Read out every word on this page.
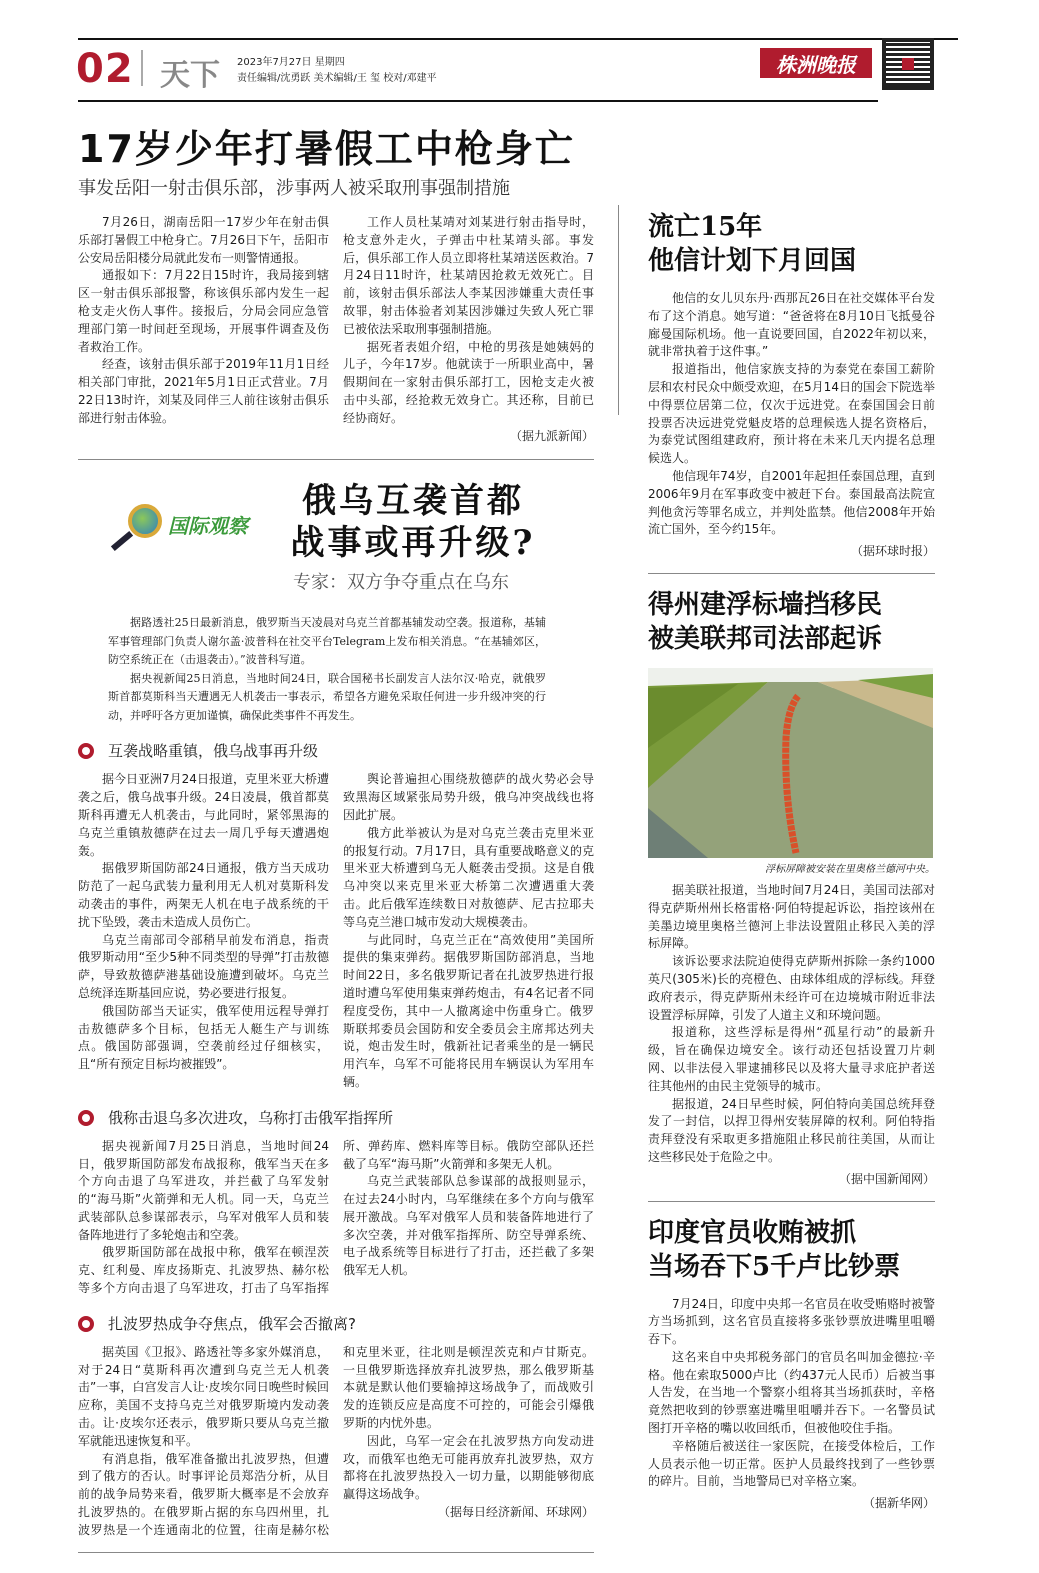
02 天下 2023年7月27日 星期四
责任编辑/沈勇跃 美术编辑/王 玺 校对/邓建平
株洲晚报
17岁少年打暑假工中枪身亡
事发岳阳一射击俱乐部，涉事两人被采取刑事强制措施

7月26日，湖南岳阳一17岁少年在射击俱乐部打暑假工中枪身亡。7月26日下午，岳阳市公安局岳阳楼分局就此发布一则警情通报。

通报如下：7月22日15时许，我局接到辖区一射击俱乐部报警，称该俱乐部内发生一起枪支走火伤人事件。接报后，分局会同应急管理部门第一时间赶至现场，开展事件调查及伤者救治工作。

经查，该射击俱乐部于2019年11月1日经相关部门审批，2021年5月1日正式营业。7月22日13时许，刘某及同伴三人前往该射击俱乐部进行射击体验。

工作人员杜某靖对刘某进行射击指导时，枪支意外走火，子弹击中杜某靖头部。事发后，俱乐部工作人员立即将杜某靖送医救治。7月24日11时许，杜某靖因抢救无效死亡。目前，该射击俱乐部法人李某因涉嫌重大责任事故罪，射击体验者刘某因涉嫌过失致人死亡罪已被依法采取刑事强制措施。

据死者表姐介绍，中枪的男孩是她姨妈的儿子，今年17岁。他就读于一所职业高中，暑假期间在一家射击俱乐部打工，因枪支走火被击中头部，经抢救无效身亡。其还称，目前已经协商好。

（据九派新闻）
国际观察
俄乌互袭首都
战事或再升级?
专家：双方争夺重点在乌东

据路透社25日最新消息，俄罗斯当天凌晨对乌克兰首都基辅发动空袭。报道称，基辅军事管理部门负责人谢尔盖·波普科在社交平台Telegram上发布相关消息。“在基辅郊区，防空系统正在（击退袭击）。”波普科写道。

据央视新闻25日消息，当地时间24日，联合国秘书长副发言人法尔汉·哈克，就俄罗斯首都莫斯科当天遭遇无人机袭击一事表示，希望各方避免采取任何进一步升级冲突的行动，并呼吁各方更加谨慎，确保此类事件不再发生。

互袭战略重镇，俄乌战事再升级

据今日亚洲7月24日报道，克里米亚大桥遭袭之后，俄乌战事升级。24日凌晨，俄首都莫斯科再遭无人机袭击，与此同时，紧邻黑海的乌克兰重镇敖德萨在过去一周几乎每天遭遇炮轰。

据俄罗斯国防部24日通报，俄方当天成功防范了一起乌武装力量利用无人机对莫斯科发动袭击的事件，两架无人机在电子战系统的干扰下坠毁，袭击未造成人员伤亡。

乌克兰南部司令部稍早前发布消息，指责俄罗斯动用“至少5种不同类型的导弹”打击敖德萨，导致敖德萨港基础设施遭到破坏。乌克兰总统泽连斯基回应说，势必要进行报复。

俄国防部当天证实，俄军使用远程导弹打击敖德萨多个目标，包括无人艇生产与训练点。俄国防部强调，空袭前经过仔细核实，且“所有预定目标均被摧毁”。

舆论普遍担心围绕敖德萨的战火势必会导致黑海区域紧张局势升级，俄乌冲突战线也将因此扩展。

俄方此举被认为是对乌克兰袭击克里米亚的报复行动。7月17日，具有重要战略意义的克里米亚大桥遭到乌无人艇袭击受损。这是自俄乌冲突以来克里米亚大桥第二次遭遇重大袭击。此后俄军连续数日对敖德萨、尼古拉耶夫等乌克兰港口城市发动大规模袭击。

与此同时，乌克兰正在“高效使用”美国所提供的集束弹药。据俄罗斯国防部消息，当地时间22日，多名俄罗斯记者在扎波罗热进行报道时遭乌军使用集束弹药炮击，有4名记者不同程度受伤，其中一人撤离途中伤重身亡。俄罗斯联邦委员会国防和安全委员会主席邦达列夫说，炮击发生时，俄新社记者乘坐的是一辆民用汽车，乌军不可能将民用车辆误认为军用车辆。

俄称击退乌多次进攻，乌称打击俄军指挥所

据央视新闻7月25日消息，当地时间24日，俄罗斯国防部发布战报称，俄军当天在多个方向击退了乌军进攻，并拦截了乌军发射的“海马斯”火箭弹和无人机。同一天，乌克兰武装部队总参谋部表示，乌军对俄军人员和装备阵地进行了多轮炮击和空袭。

俄罗斯国防部在战报中称，俄军在顿涅茨克、红利曼、库皮扬斯克、扎波罗热、赫尔松等多个方向击退了乌军进攻，打击了乌军指挥所、弹药库、燃料库等目标。俄防空部队还拦截了乌军“海马斯”火箭弹和多架无人机。

乌克兰武装部队总参谋部的战报则显示，在过去24小时内，乌军继续在多个方向与俄军展开激战。乌军对俄军人员和装备阵地进行了多次空袭，并对俄军指挥所、防空导弹系统、电子战系统等目标进行了打击，还拦截了多架俄军无人机。

扎波罗热成争夺焦点，俄军会否撤离?

据英国《卫报》、路透社等多家外媒消息，对于24日“莫斯科再次遭到乌克兰无人机袭击”一事，白宫发言人让·皮埃尔同日晚些时候回应称，美国不支持乌克兰对俄罗斯境内发动袭击。让·皮埃尔还表示，俄罗斯只要从乌克兰撤军就能迅速恢复和平。

有消息指，俄军准备撤出扎波罗热，但遭到了俄方的否认。时事评论员郑浩分析，从目前的战争局势来看，俄罗斯大概率是不会放弃扎波罗热的。在俄罗斯占据的东乌四州里，扎波罗热是一个连通南北的位置，往南是赫尔松和克里米亚，往北则是顿涅茨克和卢甘斯克。一旦俄罗斯选择放弃扎波罗热，那么俄罗斯基本就是默认他们要输掉这场战争了，而战败引发的连锁反应是高度不可控的，可能会引爆俄罗斯的内忧外患。

因此，乌军一定会在扎波罗热方向发动进攻，而俄军也绝无可能再放弃扎波罗热，双方都将在扎波罗热投入一切力量，以期能够彻底赢得这场战争。

（据每日经济新闻、环球网）
流亡15年
他信计划下月回国

他信的女儿贝东丹·西那瓦26日在社交媒体平台发布了这个消息。她写道：“爸爸将在8月10日飞抵曼谷廊曼国际机场。他一直说要回国，自2022年初以来，就非常执着于这件事。”

报道指出，他信家族支持的为泰党在泰国工薪阶层和农村民众中颇受欢迎，在5月14日的国会下院选举中得票位居第二位，仅次于远进党。在泰国国会日前投票否决远进党党魁皮塔的总理候选人提名资格后，为泰党试图组建政府，预计将在未来几天内提名总理候选人。

他信现年74岁，自2001年起担任泰国总理，直到2006年9月在军事政变中被赶下台。泰国最高法院宣判他贪污等罪名成立，并判处监禁。他信2008年开始流亡国外，至今约15年。

（据环球时报）
得州建浮标墙挡移民
被美联邦司法部起诉
浮标屏障被安装在里奥格兰德河中央。

据美联社报道，当地时间7月24日，美国司法部对得克萨斯州州长格雷格·阿伯特提起诉讼，指控该州在美墨边境里奥格兰德河上非法设置阻止移民入美的浮标屏障。

该诉讼要求法院迫使得克萨斯州拆除一条约1000英尺(305米)长的亮橙色、由球体组成的浮标线。拜登政府表示，得克萨斯州未经许可在边境城市附近非法设置浮标屏障，引发了人道主义和环境问题。

报道称，这些浮标是得州“孤星行动”的最新升级，旨在确保边境安全。该行动还包括设置刀片刺网、以非法侵入罪逮捕移民以及将大量寻求庇护者送往其他州的由民主党领导的城市。

据报道，24日早些时候，阿伯特向美国总统拜登发了一封信，以捍卫得州安装屏障的权利。阿伯特指责拜登没有采取更多措施阻止移民前往美国，从而让这些移民处于危险之中。

（据中国新闻网）
印度官员收贿被抓
当场吞下5千卢比钞票

7月24日，印度中央邦一名官员在收受贿赂时被警方当场抓到，这名官员直接将多张钞票放进嘴里咀嚼吞下。

这名来自中央邦税务部门的官员名叫加金德拉·辛格。他在索取5000卢比（约437元人民币）后被当事人告发，在当地一个警察小组将其当场抓获时，辛格竟然把收到的钞票塞进嘴里咀嚼并吞下。一名警员试图打开辛格的嘴以收回纸币，但被他咬住手指。

辛格随后被送往一家医院，在接受体检后，工作人员表示他一切正常。医护人员最终找到了一些钞票的碎片。目前，当地警局已对辛格立案。

（据新华网）
